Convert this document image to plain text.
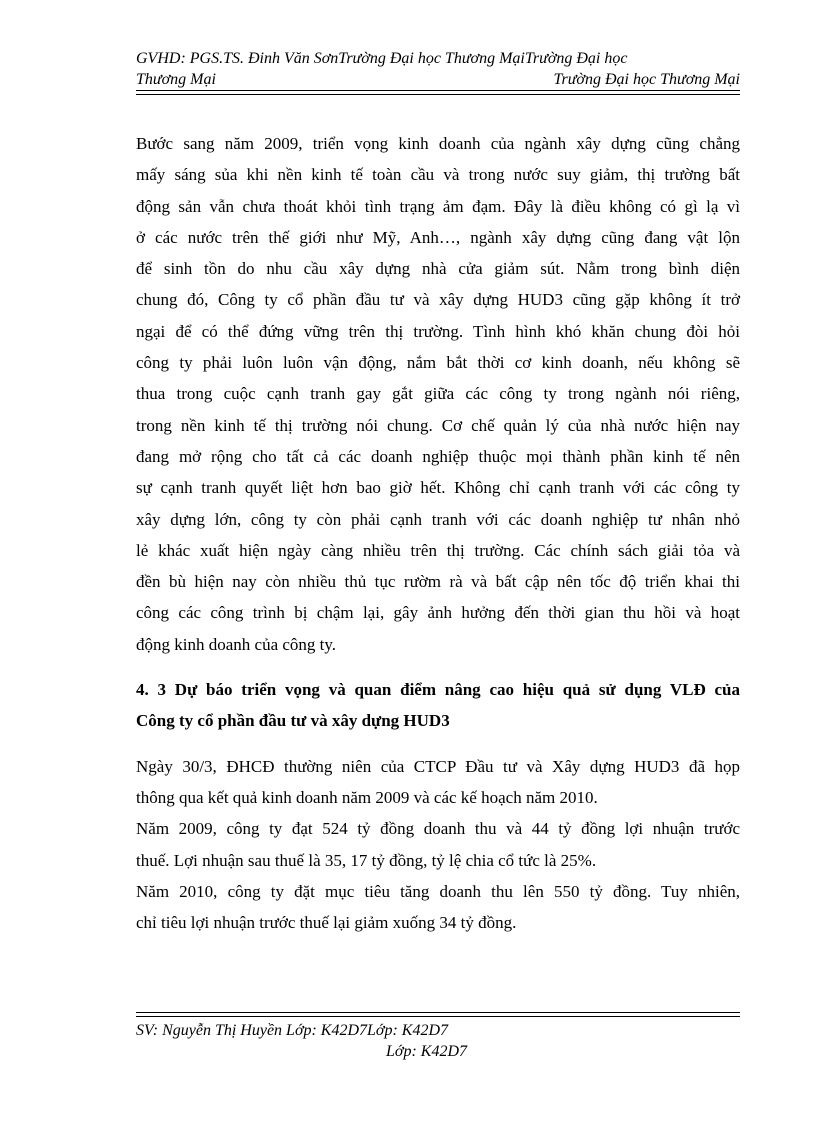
GVHD: PGS.TS. Đinh Văn SơnTrường Đại học Thương MạiTrường Đại học
Thương Mại	Trường Đại học Thương Mại
Bước sang năm 2009, triển vọng kinh doanh của ngành xây dựng cũng chẳng
mấy sáng sủa khi nền kinh tế toàn cầu và trong nước suy giảm, thị trường bất
động sản vẫn chưa thoát khỏi tình trạng ảm đạm. Đây là điều không có gì lạ vì
ở các nước trên thế giới như Mỹ, Anh…, ngành xây dựng cũng đang vật lộn
để sinh tồn do nhu cầu xây dựng nhà cửa giảm sút. Nằm trong bình diện
chung đó, Công ty cổ phần đầu tư và xây dựng HUD3 cũng gặp không ít trở
ngại để có thể đứng vững trên thị trường. Tình hình khó khăn chung đòi hỏi
công ty phải luôn luôn vận động, nắm bắt thời cơ kinh doanh, nếu không sẽ
thua trong cuộc cạnh tranh gay gắt giữa các công ty trong ngành nói riêng,
trong nền kinh tế thị trường nói chung. Cơ chế quản lý của nhà nước hiện nay
đang mở rộng cho tất cả các doanh nghiệp thuộc mọi thành phần kinh tế nên
sự cạnh tranh quyết liệt hơn bao giờ hết. Không chỉ cạnh tranh với các công ty
xây dựng lớn, công ty còn phải cạnh tranh với các doanh nghiệp tư nhân nhỏ
lẻ khác xuất hiện ngày càng nhiều trên thị trường. Các chính sách giải tỏa và
đền bù hiện nay còn nhiều thủ tục rườm rà và bất cập nên tốc độ triển khai thi
công các công trình bị chậm lại, gây ảnh hưởng đến thời gian thu hồi và hoạt
động kinh doanh của công ty.
4. 3 Dự báo triển vọng và quan điểm nâng cao hiệu quả sử dụng VLĐ của
Công ty cổ phần đầu tư và xây dựng HUD3
Ngày 30/3, ĐHCĐ thường niên của CTCP Đầu tư và Xây dựng HUD3 đã họp
thông qua kết quả kinh doanh năm 2009 và các kế hoạch năm 2010.
Năm 2009, công ty đạt 524 tỷ đồng doanh thu và 44 tỷ đồng lợi nhuận trước
thuế. Lợi nhuận sau thuế là 35, 17 tỷ đồng, tỷ lệ chia cổ tức là 25%.
Năm 2010, công ty đặt mục tiêu tăng doanh thu lên 550 tỷ đồng. Tuy nhiên,
chỉ tiêu lợi nhuận trước thuế lại giảm xuống 34 tỷ đồng.
SV: Nguyễn Thị Huyền Lớp: K42D7Lớp: K42D7
Lớp: K42D7
